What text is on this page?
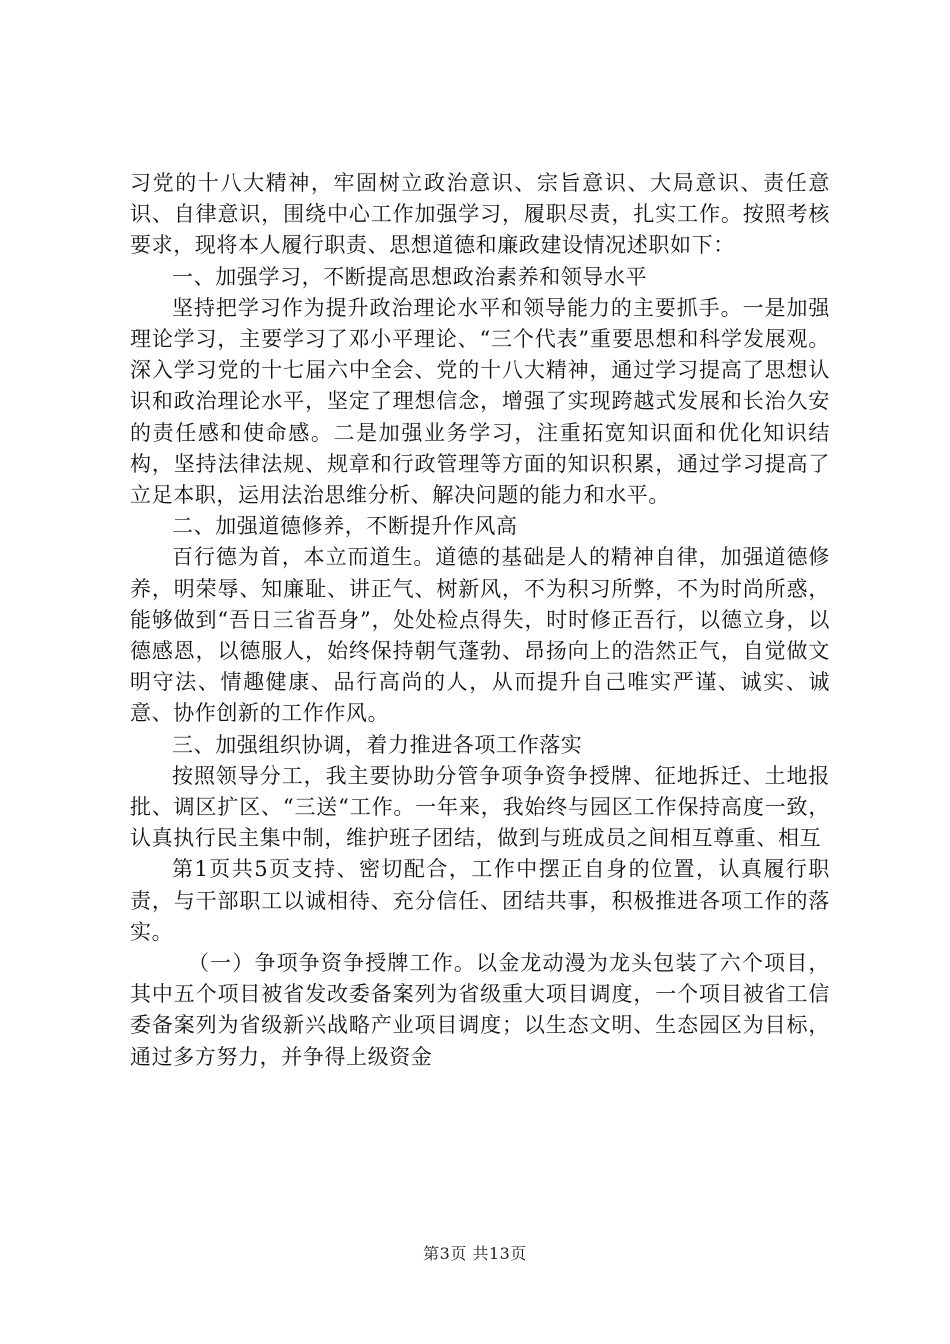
习党的十八大精神，牢固树立政治意识、宗旨意识、大局意识、责任意识、自律意识，围绕中心工作加强学习，履职尽责，扎实工作。按照考核要求，现将本人履行职责、思想道德和廉政建设情况述职如下：

一、加强学习，不断提高思想政治素养和领导水平

坚持把学习作为提升政治理论水平和领导能力的主要抓手。一是加强理论学习，主要学习了邓小平理论、“三个代表”重要思想和科学发展观。深入学习党的十七届六中全会、党的十八大精神，通过学习提高了思想认识和政治理论水平，坚定了理想信念，增强了实现跨越式发展和长治久安的责任感和使命感。二是加强业务学习，注重拓宽知识面和优化知识结构，坚持法律法规、规章和行政管理等方面的知识积累，通过学习提高了立足本职，运用法治思维分析、解决问题的能力和水平。

二、加强道德修养，不断提升作风高

百行德为首，本立而道生。道德的基础是人的精神自律，加强道德修养，明荣辱、知廉耻、讲正气、树新风，不为积习所弊，不为时尚所惑，能够做到“吾日三省吾身”，处处检点得失，时时修正吾行，以德立身，以德感恩，以德服人，始终保持朝气蓬勃、昂扬向上的浩然正气，自觉做文明守法、情趣健康、品行高尚的人，从而提升自己唯实严谨、诚实、诚意、协作创新的工作作风。

三、加强组织协调，着力推进各项工作落实

按照领导分工，我主要协助分管争项争资争授牌、征地拆迁、土地报批、调区扩区、“三送“工作。一年来，我始终与园区工作保持高度一致，认真执行民主集中制，维护班子团结，做到与班成员之间相互尊重、相互

第1页共5页支持、密切配合，工作中摆正自身的位置，认真履行职责，与干部职工以诚相待、充分信任、团结共事，积极推进各项工作的落实。

（一）争项争资争授牌工作。以金龙动漫为龙头包装了六个项目，其中五个项目被省发改委备案列为省级重大项目调度，一个项目被省工信委备案列为省级新兴战略产业项目调度；以生态文明、生态园区为目标，通过多方努力，并争得上级资金

第3页 共13页
